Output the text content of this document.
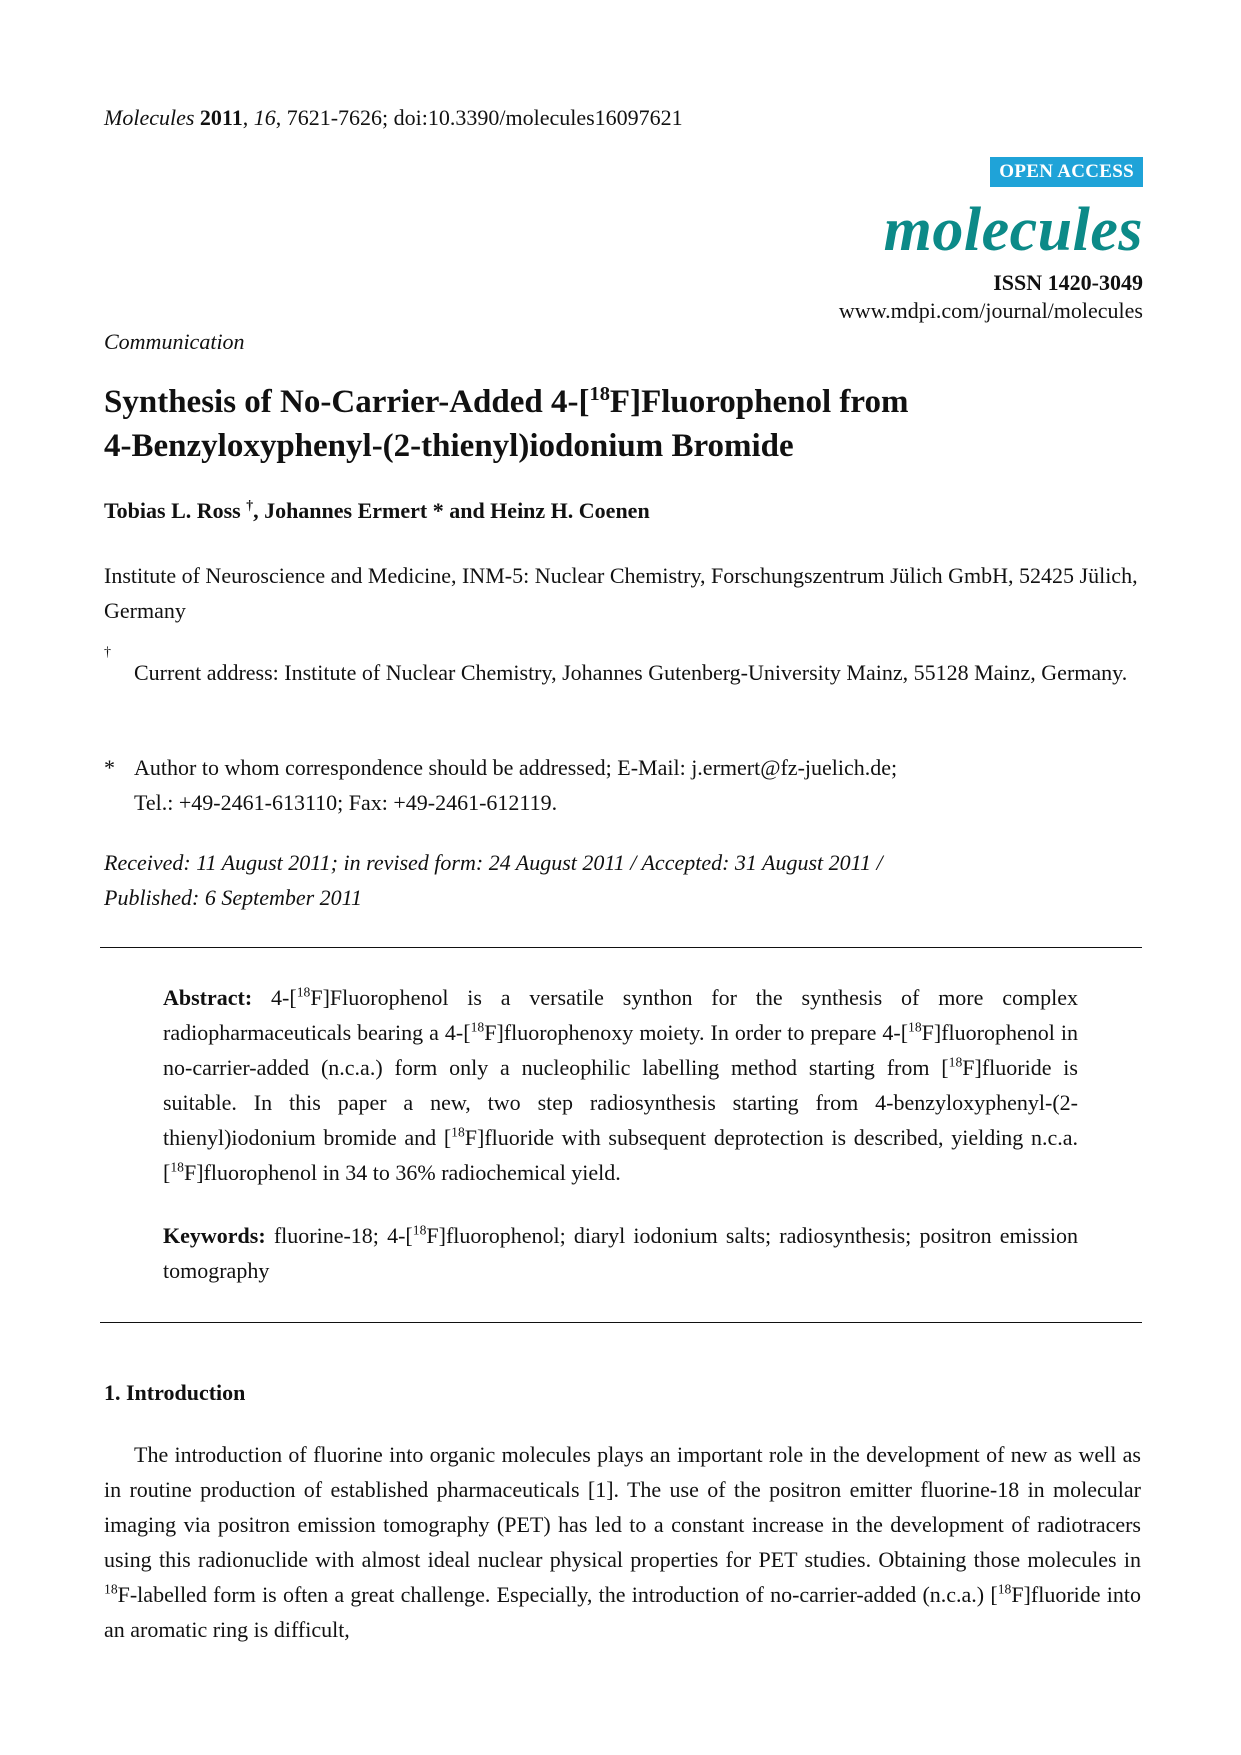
Molecules 2011, 16, 7621-7626; doi:10.3390/molecules16097621
OPEN ACCESS
molecules
ISSN 1420-3049
www.mdpi.com/journal/molecules
Communication
Synthesis of No-Carrier-Added 4-[$^{18}$F]Fluorophenol from
4-Benzyloxyphenyl-(2-thienyl)iodonium Bromide
Tobias L. Ross †, Johannes Ermert * and Heinz H. Coenen
Institute of Neuroscience and Medicine, INM-5: Nuclear Chemistry, Forschungszentrum Jülich GmbH, 52425 Jülich, Germany
†
Current address: Institute of Nuclear Chemistry, Johannes Gutenberg-University Mainz, 55128 Mainz, Germany.
* Author to whom correspondence should be addressed; E-Mail: j.ermert@fz-juelich.de;
Tel.: +49-2461-613110; Fax: +49-2461-612119.
Received: 11 August 2011; in revised form: 24 August 2011 / Accepted: 31 August 2011 /
Published: 6 September 2011
Abstract: 4-[$^{18}$F]Fluorophenol is a versatile synthon for the synthesis of more complex radiopharmaceuticals bearing a 4-[$^{18}$F]fluorophenoxy moiety. In order to prepare 4-[$^{18}$F]fluorophenol in no-carrier-added (n.c.a.) form only a nucleophilic labelling method starting from [$^{18}$F]fluoride is suitable. In this paper a new, two step radiosynthesis starting from 4-benzyloxyphenyl-(2-thienyl)iodonium bromide and [$^{18}$F]fluoride with subsequent deprotection is described, yielding n.c.a. [$^{18}$F]fluorophenol in 34 to 36% radiochemical yield.
Keywords: fluorine-18; 4-[$^{18}$F]fluorophenol; diaryl iodonium salts; radiosynthesis; positron emission tomography
1. Introduction
The introduction of fluorine into organic molecules plays an important role in the development of new as well as in routine production of established pharmaceuticals [1]. The use of the positron emitter fluorine-18 in molecular imaging via positron emission tomography (PET) has led to a constant increase in the development of radiotracers using this radionuclide with almost ideal nuclear physical properties for PET studies. Obtaining those molecules in $^{18}$F-labelled form is often a great challenge. Especially, the introduction of no-carrier-added (n.c.a.) [$^{18}$F]fluoride into an aromatic ring is difficult,
